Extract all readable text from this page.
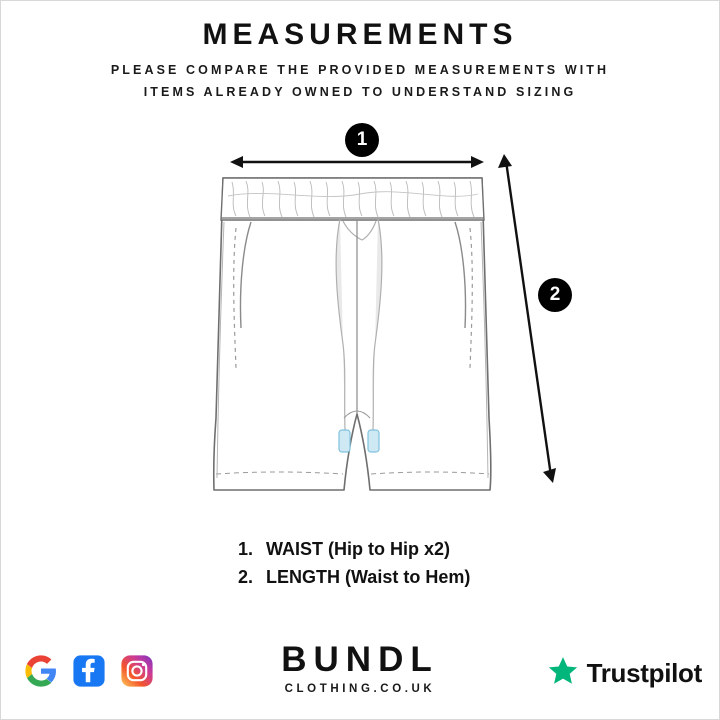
MEASUREMENTS
PLEASE COMPARE THE PROVIDED MEASUREMENTS WITH
ITEMS ALREADY OWNED TO UNDERSTAND SIZING
1
2
1. WAIST (Hip to Hip x2)
2. LENGTH (Waist to Hem)
BUNDL
CLOTHING.CO.UK
Trustpilot
